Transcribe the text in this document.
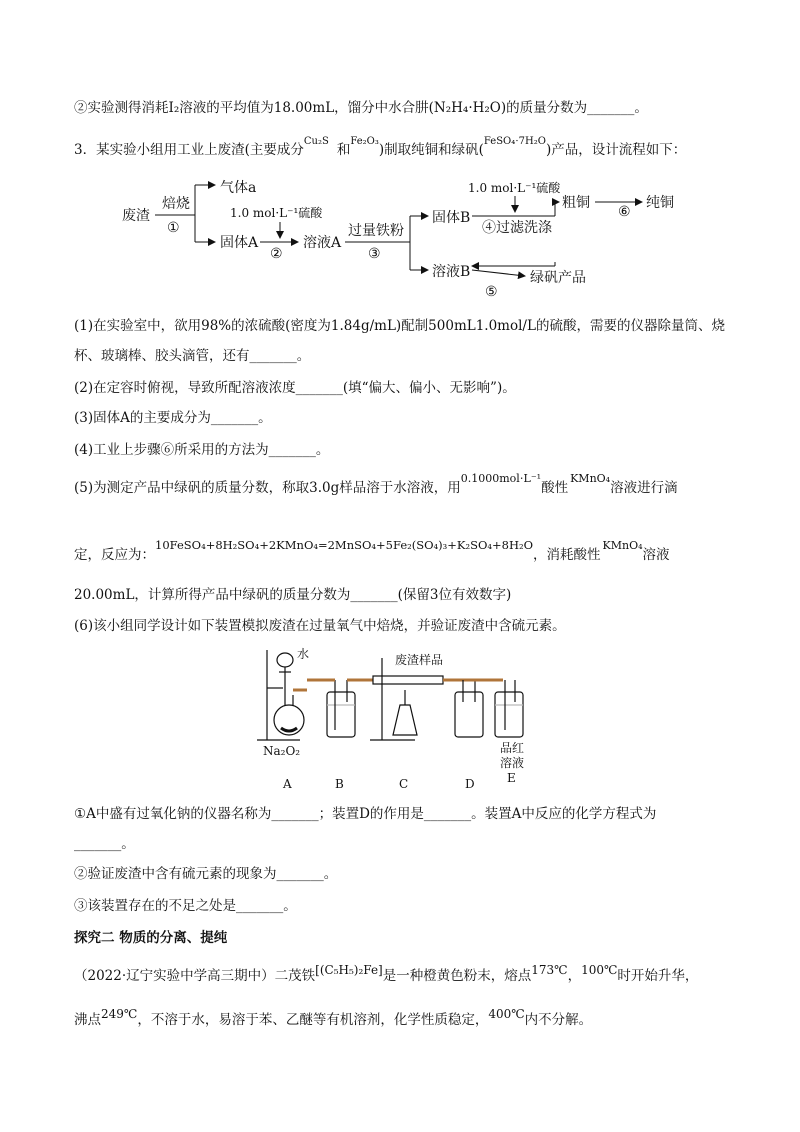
②实验测得消耗I₂溶液的平均值为18.00mL，馏分中水合肼(N₂H₄·H₂O)的质量分数为_______。
3．某实验小组用工业上废渣(主要成分$^{Cu_2S}$和$^{Fe_2O_3}$)制取纯铜和绿矾($^{FeSO_4\cdot 7H_2O}$)产品，设计流程如下：
废渣
焙烧
①
气体a
固体A
1.0 mol·L⁻¹硫酸
②
溶液A
过量铁粉
③
固体B
1.0 mol·L⁻¹硫酸
④过滤洗涤
粗铜
⑥
纯铜
溶液B	绿矾产品
⑤
(1)在实验室中，欲用98%的浓硫酸(密度为1.84g/mL)配制500mL1.0mol/L的硫酸，需要的仪器除量筒、烧
杯、玻璃棒、胶头滴管，还有_______。
(2)在定容时俯视，导致所配溶液浓度_______(填“偏大、偏小、无影响”)。
(3)固体A的主要成分为_______。
(4)工业上步骤⑥所采用的方法为_______。
(5)为测定产品中绿矾的质量分数，称取3.0g样品溶于水溶液，用$^{0.1000mol\cdot L^{-1}}$酸性$^{KMnO_4}$溶液进行滴
定，反应为：10FeSO₄+8H₂SO₄+2KMnO₄=2MnSO₄+5Fe₂(SO₄)₃+K₂SO₄+8H₂O，消耗酸性$^{KMnO_4}$溶液
20.00mL，计算所得产品中绿矾的质量分数为_______(保留3位有效数字)
(6)该小组同学设计如下装置模拟废渣在过量氧气中焙烧，并验证废渣中含硫元素。
水	废渣样品
Na₂O₂	品红
溶液
A	B	C	D	E
①A中盛有过氧化钠的仪器名称为_______；装置D的作用是_______。装置A中反应的化学方程式为
_______。
②验证废渣中含有硫元素的现象为_______。
③该装置存在的不足之处是_______。
探究二 物质的分离、提纯
（2022·辽宁实验中学高三期中）二茂铁[(C₅H₅)₂Fe]是一种橙黄色粉末，熔点173℃，100℃时开始升华，
沸点249℃，不溶于水，易溶于苯、乙醚等有机溶剂，化学性质稳定，400℃内不分解。
